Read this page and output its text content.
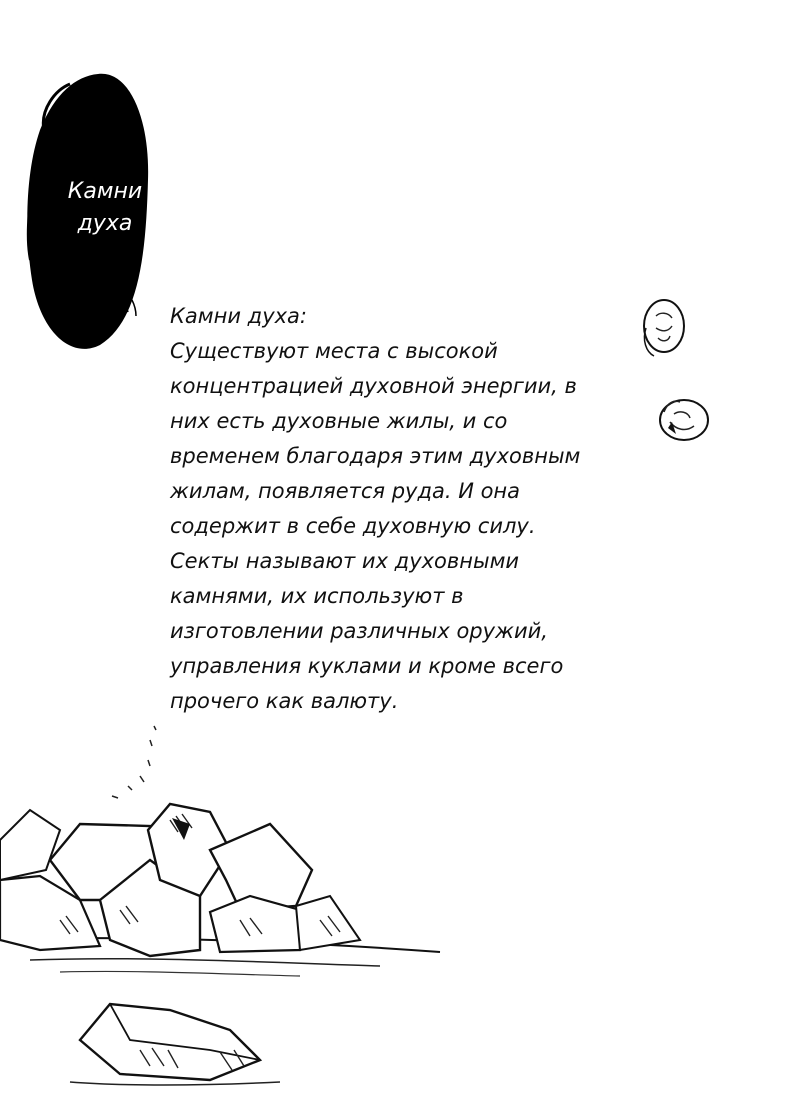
Камни
духа
Камни духа:
Существуют места с высокой
концентрацией духовной энергии, в
них есть духовные жилы, и со
временем благодаря этим духовным
жилам, появляется руда. И она
содержит в себе духовную силу.
Секты называют их духовными
камнями, их используют в
изготовлении различных оружий,
управления куклами и кроме всего
прочего как валюту.
